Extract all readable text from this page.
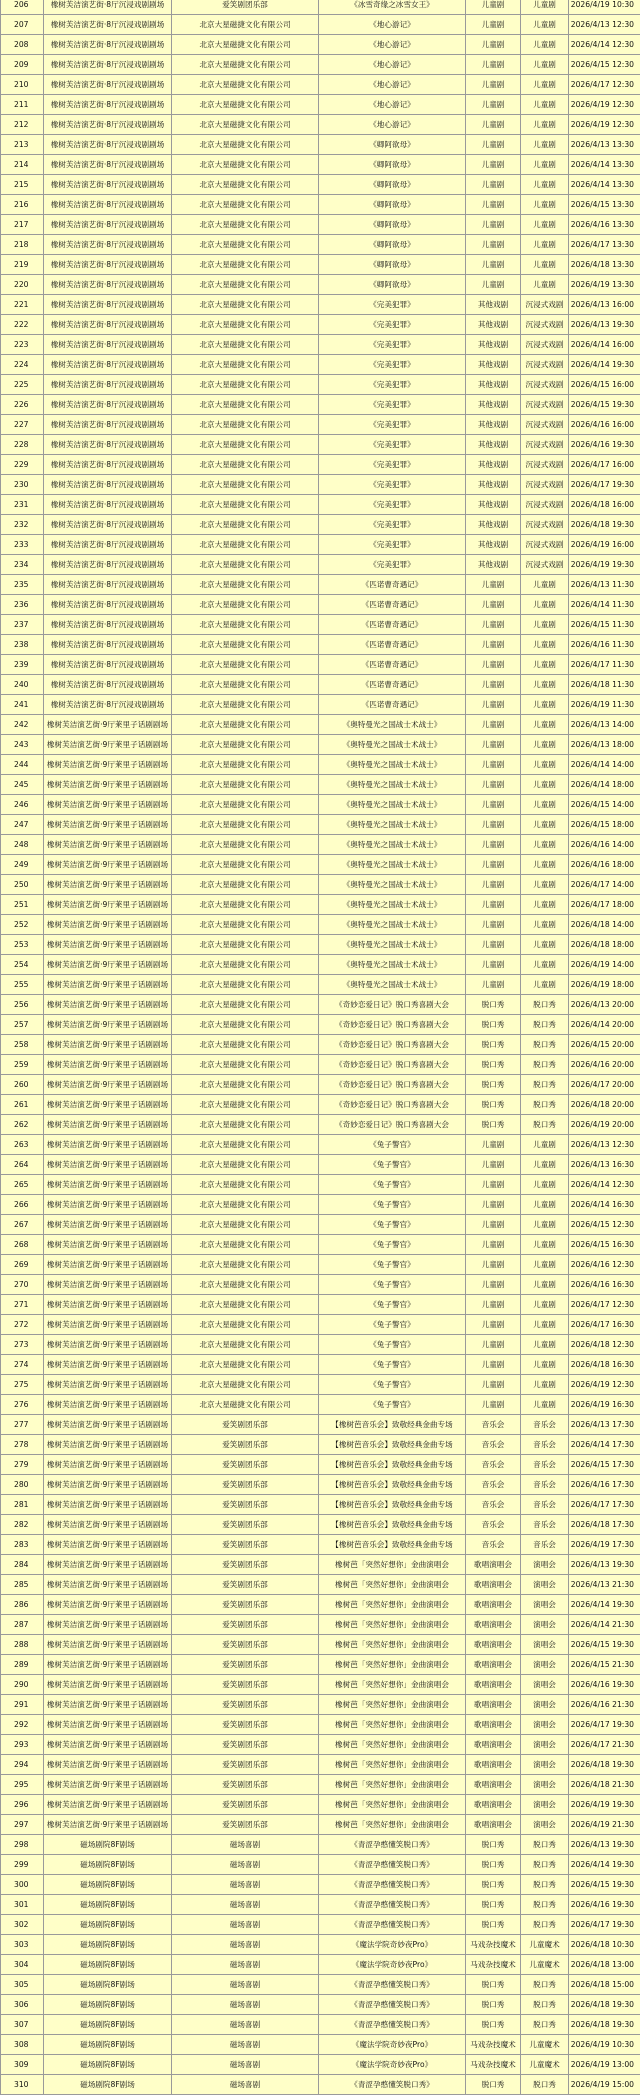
206	橡树芙洁演艺街·8厅沉浸戏剧剧场	爱笑剧团乐部	《冰雪奇缘之冰雪女王》	儿童剧	儿童剧	2026/4/19 10:30
207	橡树芙洁演艺街·8厅沉浸戏剧剧场	北京大星磁捷文化有限公司	《地心游记》	儿童剧	儿童剧	2026/4/13 12:30
208	橡树芙洁演艺街·8厅沉浸戏剧剧场	北京大星磁捷文化有限公司	《地心游记》	儿童剧	儿童剧	2026/4/14 12:30
209	橡树芙洁演艺街·8厅沉浸戏剧剧场	北京大星磁捷文化有限公司	《地心游记》	儿童剧	儿童剧	2026/4/15 12:30
210	橡树芙洁演艺街·8厅沉浸戏剧剧场	北京大星磁捷文化有限公司	《地心游记》	儿童剧	儿童剧	2026/4/17 12:30
211	橡树芙洁演艺街·8厅沉浸戏剧剧场	北京大星磁捷文化有限公司	《地心游记》	儿童剧	儿童剧	2026/4/19 12:30
212	橡树芙洁演艺街·8厅沉浸戏剧剧场	北京大星磁捷文化有限公司	《地心游记》	儿童剧	儿童剧	2026/4/19 12:30
213	橡树芙洁演艺街·8厅沉浸戏剧剧场	北京大星磁捷文化有限公司	《卿阿欲母》	儿童剧	儿童剧	2026/4/13 13:30
214	橡树芙洁演艺街·8厅沉浸戏剧剧场	北京大星磁捷文化有限公司	《卿阿欲母》	儿童剧	儿童剧	2026/4/14 13:30
215	橡树芙洁演艺街·8厅沉浸戏剧剧场	北京大星磁捷文化有限公司	《卿阿欲母》	儿童剧	儿童剧	2026/4/14 13:30
216	橡树芙洁演艺街·8厅沉浸戏剧剧场	北京大星磁捷文化有限公司	《卿阿欲母》	儿童剧	儿童剧	2026/4/15 13:30
217	橡树芙洁演艺街·8厅沉浸戏剧剧场	北京大星磁捷文化有限公司	《卿阿欲母》	儿童剧	儿童剧	2026/4/16 13:30
218	橡树芙洁演艺街·8厅沉浸戏剧剧场	北京大星磁捷文化有限公司	《卿阿欲母》	儿童剧	儿童剧	2026/4/17 13:30
219	橡树芙洁演艺街·8厅沉浸戏剧剧场	北京大星磁捷文化有限公司	《卿阿欲母》	儿童剧	儿童剧	2026/4/18 13:30
220	橡树芙洁演艺街·8厅沉浸戏剧剧场	北京大星磁捷文化有限公司	《卿阿欲母》	儿童剧	儿童剧	2026/4/19 13:30
221	橡树芙洁演艺街·8厅沉浸戏剧剧场	北京大星磁捷文化有限公司	《完美犯罪》	其他戏剧	沉浸式戏剧	2026/4/13 16:00
222	橡树芙洁演艺街·8厅沉浸戏剧剧场	北京大星磁捷文化有限公司	《完美犯罪》	其他戏剧	沉浸式戏剧	2026/4/13 19:30
223	橡树芙洁演艺街·8厅沉浸戏剧剧场	北京大星磁捷文化有限公司	《完美犯罪》	其他戏剧	沉浸式戏剧	2026/4/14 16:00
224	橡树芙洁演艺街·8厅沉浸戏剧剧场	北京大星磁捷文化有限公司	《完美犯罪》	其他戏剧	沉浸式戏剧	2026/4/14 19:30
225	橡树芙洁演艺街·8厅沉浸戏剧剧场	北京大星磁捷文化有限公司	《完美犯罪》	其他戏剧	沉浸式戏剧	2026/4/15 16:00
226	橡树芙洁演艺街·8厅沉浸戏剧剧场	北京大星磁捷文化有限公司	《完美犯罪》	其他戏剧	沉浸式戏剧	2026/4/15 19:30
227	橡树芙洁演艺街·8厅沉浸戏剧剧场	北京大星磁捷文化有限公司	《完美犯罪》	其他戏剧	沉浸式戏剧	2026/4/16 16:00
228	橡树芙洁演艺街·8厅沉浸戏剧剧场	北京大星磁捷文化有限公司	《完美犯罪》	其他戏剧	沉浸式戏剧	2026/4/16 19:30
229	橡树芙洁演艺街·8厅沉浸戏剧剧场	北京大星磁捷文化有限公司	《完美犯罪》	其他戏剧	沉浸式戏剧	2026/4/17 16:00
230	橡树芙洁演艺街·8厅沉浸戏剧剧场	北京大星磁捷文化有限公司	《完美犯罪》	其他戏剧	沉浸式戏剧	2026/4/17 19:30
231	橡树芙洁演艺街·8厅沉浸戏剧剧场	北京大星磁捷文化有限公司	《完美犯罪》	其他戏剧	沉浸式戏剧	2026/4/18 16:00
232	橡树芙洁演艺街·8厅沉浸戏剧剧场	北京大星磁捷文化有限公司	《完美犯罪》	其他戏剧	沉浸式戏剧	2026/4/18 19:30
233	橡树芙洁演艺街·8厅沉浸戏剧剧场	北京大星磁捷文化有限公司	《完美犯罪》	其他戏剧	沉浸式戏剧	2026/4/19 16:00
234	橡树芙洁演艺街·8厅沉浸戏剧剧场	北京大星磁捷文化有限公司	《完美犯罪》	其他戏剧	沉浸式戏剧	2026/4/19 19:30
235	橡树芙洁演艺街·8厅沉浸戏剧剧场	北京大星磁捷文化有限公司	《匹诺曹奇遇记》	儿童剧	儿童剧	2026/4/13 11:30
236	橡树芙洁演艺街·8厅沉浸戏剧剧场	北京大星磁捷文化有限公司	《匹诺曹奇遇记》	儿童剧	儿童剧	2026/4/14 11:30
237	橡树芙洁演艺街·8厅沉浸戏剧剧场	北京大星磁捷文化有限公司	《匹诺曹奇遇记》	儿童剧	儿童剧	2026/4/15 11:30
238	橡树芙洁演艺街·8厅沉浸戏剧剧场	北京大星磁捷文化有限公司	《匹诺曹奇遇记》	儿童剧	儿童剧	2026/4/16 11:30
239	橡树芙洁演艺街·8厅沉浸戏剧剧场	北京大星磁捷文化有限公司	《匹诺曹奇遇记》	儿童剧	儿童剧	2026/4/17 11:30
240	橡树芙洁演艺街·8厅沉浸戏剧剧场	北京大星磁捷文化有限公司	《匹诺曹奇遇记》	儿童剧	儿童剧	2026/4/18 11:30
241	橡树芙洁演艺街·8厅沉浸戏剧剧场	北京大星磁捷文化有限公司	《匹诺曹奇遇记》	儿童剧	儿童剧	2026/4/19 11:30
242	橡树芙洁演艺街·9厅莱里子话剧剧场	北京大星磁捷文化有限公司	《奥特曼光之国战士术战士》	儿童剧	儿童剧	2026/4/13 14:00
243	橡树芙洁演艺街·9厅莱里子话剧剧场	北京大星磁捷文化有限公司	《奥特曼光之国战士术战士》	儿童剧	儿童剧	2026/4/13 18:00
244	橡树芙洁演艺街·9厅莱里子话剧剧场	北京大星磁捷文化有限公司	《奥特曼光之国战士术战士》	儿童剧	儿童剧	2026/4/14 14:00
245	橡树芙洁演艺街·9厅莱里子话剧剧场	北京大星磁捷文化有限公司	《奥特曼光之国战士术战士》	儿童剧	儿童剧	2026/4/14 18:00
246	橡树芙洁演艺街·9厅莱里子话剧剧场	北京大星磁捷文化有限公司	《奥特曼光之国战士术战士》	儿童剧	儿童剧	2026/4/15 14:00
247	橡树芙洁演艺街·9厅莱里子话剧剧场	北京大星磁捷文化有限公司	《奥特曼光之国战士术战士》	儿童剧	儿童剧	2026/4/15 18:00
248	橡树芙洁演艺街·9厅莱里子话剧剧场	北京大星磁捷文化有限公司	《奥特曼光之国战士术战士》	儿童剧	儿童剧	2026/4/16 14:00
249	橡树芙洁演艺街·9厅莱里子话剧剧场	北京大星磁捷文化有限公司	《奥特曼光之国战士术战士》	儿童剧	儿童剧	2026/4/16 18:00
250	橡树芙洁演艺街·9厅莱里子话剧剧场	北京大星磁捷文化有限公司	《奥特曼光之国战士术战士》	儿童剧	儿童剧	2026/4/17 14:00
251	橡树芙洁演艺街·9厅莱里子话剧剧场	北京大星磁捷文化有限公司	《奥特曼光之国战士术战士》	儿童剧	儿童剧	2026/4/17 18:00
252	橡树芙洁演艺街·9厅莱里子话剧剧场	北京大星磁捷文化有限公司	《奥特曼光之国战士术战士》	儿童剧	儿童剧	2026/4/18 14:00
253	橡树芙洁演艺街·9厅莱里子话剧剧场	北京大星磁捷文化有限公司	《奥特曼光之国战士术战士》	儿童剧	儿童剧	2026/4/18 18:00
254	橡树芙洁演艺街·9厅莱里子话剧剧场	北京大星磁捷文化有限公司	《奥特曼光之国战士术战士》	儿童剧	儿童剧	2026/4/19 14:00
255	橡树芙洁演艺街·9厅莱里子话剧剧场	北京大星磁捷文化有限公司	《奥特曼光之国战士术战士》	儿童剧	儿童剧	2026/4/19 18:00
256	橡树芙洁演艺街·9厅莱里子话剧剧场	北京大星磁捷文化有限公司	《奇妙恋爱日记》脱口秀喜剧大会	脱口秀	脱口秀	2026/4/13 20:00
257	橡树芙洁演艺街·9厅莱里子话剧剧场	北京大星磁捷文化有限公司	《奇妙恋爱日记》脱口秀喜剧大会	脱口秀	脱口秀	2026/4/14 20:00
258	橡树芙洁演艺街·9厅莱里子话剧剧场	北京大星磁捷文化有限公司	《奇妙恋爱日记》脱口秀喜剧大会	脱口秀	脱口秀	2026/4/15 20:00
259	橡树芙洁演艺街·9厅莱里子话剧剧场	北京大星磁捷文化有限公司	《奇妙恋爱日记》脱口秀喜剧大会	脱口秀	脱口秀	2026/4/16 20:00
260	橡树芙洁演艺街·9厅莱里子话剧剧场	北京大星磁捷文化有限公司	《奇妙恋爱日记》脱口秀喜剧大会	脱口秀	脱口秀	2026/4/17 20:00
261	橡树芙洁演艺街·9厅莱里子话剧剧场	北京大星磁捷文化有限公司	《奇妙恋爱日记》脱口秀喜剧大会	脱口秀	脱口秀	2026/4/18 20:00
262	橡树芙洁演艺街·9厅莱里子话剧剧场	北京大星磁捷文化有限公司	《奇妙恋爱日记》脱口秀喜剧大会	脱口秀	脱口秀	2026/4/19 20:00
263	橡树芙洁演艺街·9厅莱里子话剧剧场	北京大星磁捷文化有限公司	《兔子警官》	儿童剧	儿童剧	2026/4/13 12:30
264	橡树芙洁演艺街·9厅莱里子话剧剧场	北京大星磁捷文化有限公司	《兔子警官》	儿童剧	儿童剧	2026/4/13 16:30
265	橡树芙洁演艺街·9厅莱里子话剧剧场	北京大星磁捷文化有限公司	《兔子警官》	儿童剧	儿童剧	2026/4/14 12:30
266	橡树芙洁演艺街·9厅莱里子话剧剧场	北京大星磁捷文化有限公司	《兔子警官》	儿童剧	儿童剧	2026/4/14 16:30
267	橡树芙洁演艺街·9厅莱里子话剧剧场	北京大星磁捷文化有限公司	《兔子警官》	儿童剧	儿童剧	2026/4/15 12:30
268	橡树芙洁演艺街·9厅莱里子话剧剧场	北京大星磁捷文化有限公司	《兔子警官》	儿童剧	儿童剧	2026/4/15 16:30
269	橡树芙洁演艺街·9厅莱里子话剧剧场	北京大星磁捷文化有限公司	《兔子警官》	儿童剧	儿童剧	2026/4/16 12:30
270	橡树芙洁演艺街·9厅莱里子话剧剧场	北京大星磁捷文化有限公司	《兔子警官》	儿童剧	儿童剧	2026/4/16 16:30
271	橡树芙洁演艺街·9厅莱里子话剧剧场	北京大星磁捷文化有限公司	《兔子警官》	儿童剧	儿童剧	2026/4/17 12:30
272	橡树芙洁演艺街·9厅莱里子话剧剧场	北京大星磁捷文化有限公司	《兔子警官》	儿童剧	儿童剧	2026/4/17 16:30
273	橡树芙洁演艺街·9厅莱里子话剧剧场	北京大星磁捷文化有限公司	《兔子警官》	儿童剧	儿童剧	2026/4/18 12:30
274	橡树芙洁演艺街·9厅莱里子话剧剧场	北京大星磁捷文化有限公司	《兔子警官》	儿童剧	儿童剧	2026/4/18 16:30
275	橡树芙洁演艺街·9厅莱里子话剧剧场	北京大星磁捷文化有限公司	《兔子警官》	儿童剧	儿童剧	2026/4/19 12:30
276	橡树芙洁演艺街·9厅莱里子话剧剧场	北京大星磁捷文化有限公司	《兔子警官》	儿童剧	儿童剧	2026/4/19 16:30
277	橡树芙洁演艺街·9厅莱里子话剧剧场	爱笑剧团乐部	【橡树芭音乐会】致敬经典金曲专场	音乐会	音乐会	2026/4/13 17:30
278	橡树芙洁演艺街·9厅莱里子话剧剧场	爱笑剧团乐部	【橡树芭音乐会】致敬经典金曲专场	音乐会	音乐会	2026/4/14 17:30
279	橡树芙洁演艺街·9厅莱里子话剧剧场	爱笑剧团乐部	【橡树芭音乐会】致敬经典金曲专场	音乐会	音乐会	2026/4/15 17:30
280	橡树芙洁演艺街·9厅莱里子话剧剧场	爱笑剧团乐部	【橡树芭音乐会】致敬经典金曲专场	音乐会	音乐会	2026/4/16 17:30
281	橡树芙洁演艺街·9厅莱里子话剧剧场	爱笑剧团乐部	【橡树芭音乐会】致敬经典金曲专场	音乐会	音乐会	2026/4/17 17:30
282	橡树芙洁演艺街·9厅莱里子话剧剧场	爱笑剧团乐部	【橡树芭音乐会】致敬经典金曲专场	音乐会	音乐会	2026/4/18 17:30
283	橡树芙洁演艺街·9厅莱里子话剧剧场	爱笑剧团乐部	【橡树芭音乐会】致敬经典金曲专场	音乐会	音乐会	2026/4/19 17:30
284	橡树芙洁演艺街·9厅莱里子话剧剧场	爱笑剧团乐部	橡树芭「突然好想你」金曲演唱会	歌唱演唱会	演唱会	2026/4/13 19:30
285	橡树芙洁演艺街·9厅莱里子话剧剧场	爱笑剧团乐部	橡树芭「突然好想你」金曲演唱会	歌唱演唱会	演唱会	2026/4/13 21:30
286	橡树芙洁演艺街·9厅莱里子话剧剧场	爱笑剧团乐部	橡树芭「突然好想你」金曲演唱会	歌唱演唱会	演唱会	2026/4/14 19:30
287	橡树芙洁演艺街·9厅莱里子话剧剧场	爱笑剧团乐部	橡树芭「突然好想你」金曲演唱会	歌唱演唱会	演唱会	2026/4/14 21:30
288	橡树芙洁演艺街·9厅莱里子话剧剧场	爱笑剧团乐部	橡树芭「突然好想你」金曲演唱会	歌唱演唱会	演唱会	2026/4/15 19:30
289	橡树芙洁演艺街·9厅莱里子话剧剧场	爱笑剧团乐部	橡树芭「突然好想你」金曲演唱会	歌唱演唱会	演唱会	2026/4/15 21:30
290	橡树芙洁演艺街·9厅莱里子话剧剧场	爱笑剧团乐部	橡树芭「突然好想你」金曲演唱会	歌唱演唱会	演唱会	2026/4/16 19:30
291	橡树芙洁演艺街·9厅莱里子话剧剧场	爱笑剧团乐部	橡树芭「突然好想你」金曲演唱会	歌唱演唱会	演唱会	2026/4/16 21:30
292	橡树芙洁演艺街·9厅莱里子话剧剧场	爱笑剧团乐部	橡树芭「突然好想你」金曲演唱会	歌唱演唱会	演唱会	2026/4/17 19:30
293	橡树芙洁演艺街·9厅莱里子话剧剧场	爱笑剧团乐部	橡树芭「突然好想你」金曲演唱会	歌唱演唱会	演唱会	2026/4/17 21:30
294	橡树芙洁演艺街·9厅莱里子话剧剧场	爱笑剧团乐部	橡树芭「突然好想你」金曲演唱会	歌唱演唱会	演唱会	2026/4/18 19:30
295	橡树芙洁演艺街·9厅莱里子话剧剧场	爱笑剧团乐部	橡树芭「突然好想你」金曲演唱会	歌唱演唱会	演唱会	2026/4/18 21:30
296	橡树芙洁演艺街·9厅莱里子话剧剧场	爱笑剧团乐部	橡树芭「突然好想你」金曲演唱会	歌唱演唱会	演唱会	2026/4/19 19:30
297	橡树芙洁演艺街·9厅莱里子话剧剧场	爱笑剧团乐部	橡树芭「突然好想你」金曲演唱会	歌唱演唱会	演唱会	2026/4/19 21:30
298	磁场剧院8F剧场	磁场喜剧	《青涩孕憨懂笑脱口秀》	脱口秀	脱口秀	2026/4/13 19:30
299	磁场剧院8F剧场	磁场喜剧	《青涩孕憨懂笑脱口秀》	脱口秀	脱口秀	2026/4/14 19:30
300	磁场剧院8F剧场	磁场喜剧	《青涩孕憨懂笑脱口秀》	脱口秀	脱口秀	2026/4/15 19:30
301	磁场剧院8F剧场	磁场喜剧	《青涩孕憨懂笑脱口秀》	脱口秀	脱口秀	2026/4/16 19:30
302	磁场剧院8F剧场	磁场喜剧	《青涩孕憨懂笑脱口秀》	脱口秀	脱口秀	2026/4/17 19:30
303	磁场剧院8F剧场	磁场喜剧	《魔法学院奇妙夜Pro》	马戏杂技魔术	儿童魔术	2026/4/18 10:30
304	磁场剧院8F剧场	磁场喜剧	《魔法学院奇妙夜Pro》	马戏杂技魔术	儿童魔术	2026/4/18 13:00
305	磁场剧院8F剧场	磁场喜剧	《青涩孕憨懂笑脱口秀》	脱口秀	脱口秀	2026/4/18 15:00
306	磁场剧院8F剧场	磁场喜剧	《青涩孕憨懂笑脱口秀》	脱口秀	脱口秀	2026/4/18 19:30
307	磁场剧院8F剧场	磁场喜剧	《青涩孕憨懂笑脱口秀》	脱口秀	脱口秀	2026/4/18 19:30
308	磁场剧院8F剧场	磁场喜剧	《魔法学院奇妙夜Pro》	马戏杂技魔术	儿童魔术	2026/4/19 10:30
309	磁场剧院8F剧场	磁场喜剧	《魔法学院奇妙夜Pro》	马戏杂技魔术	儿童魔术	2026/4/19 13:00
310	磁场剧院8F剧场	磁场喜剧	《青涩孕憨懂笑脱口秀》	脱口秀	脱口秀	2026/4/19 15:00
